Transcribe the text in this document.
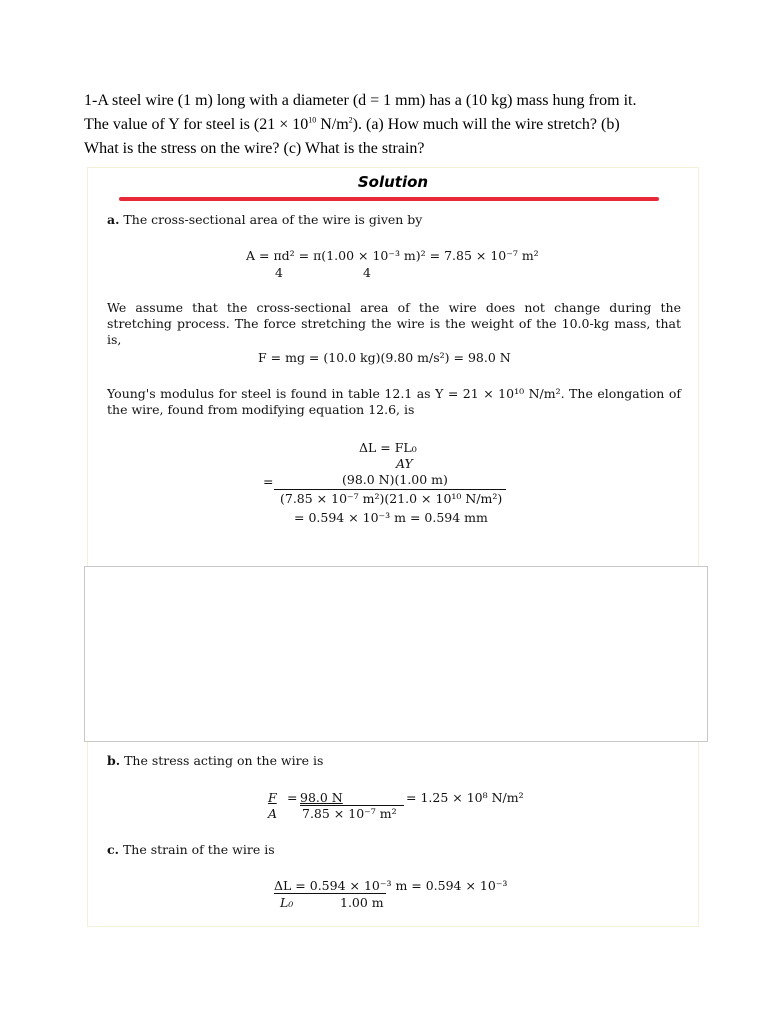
1-A steel wire (1 m) long with a diameter (d = 1 mm) has a (10 kg) mass hung from it.

The value of Y for steel is ($21 \times 10^{10}$ $N/m^2$). (a) How much will the wire stretch? (b)

What is the stress on the wire? (c) What is the strain?

Solution
a. The cross-sectional area of the wire is given by
A = πd² = π(1.00 × 10⁻³ m)² = 7.85 × 10⁻⁷ m²
4	4
We assume that the cross-sectional area of the wire does not change during the stretching process. The force stretching the wire is the weight of the 10.0-kg mass, that is,
F = mg = (10.0 kg)(9.80 m/s²) = 98.0 N
Young's modulus for steel is found in table 12.1 as Y = 21 × 10¹⁰ N/m². The elongation of the wire, found from modifying equation 12.6, is
ΔL = FL₀
AY
=	(98.0 N)(1.00 m)
(7.85 × 10⁻⁷ m²)(21.0 × 10¹⁰ N/m²)
= 0.594 × 10⁻³ m = 0.594 mm
b. The stress acting on the wire is
F = 98.0 N	= 1.25 × 10⁸ N/m²
A 7.85 × 10⁻⁷ m²
c. The strain of the wire is
ΔL = 0.594 × 10⁻³ m = 0.594 × 10⁻³
L₀	1.00 m
